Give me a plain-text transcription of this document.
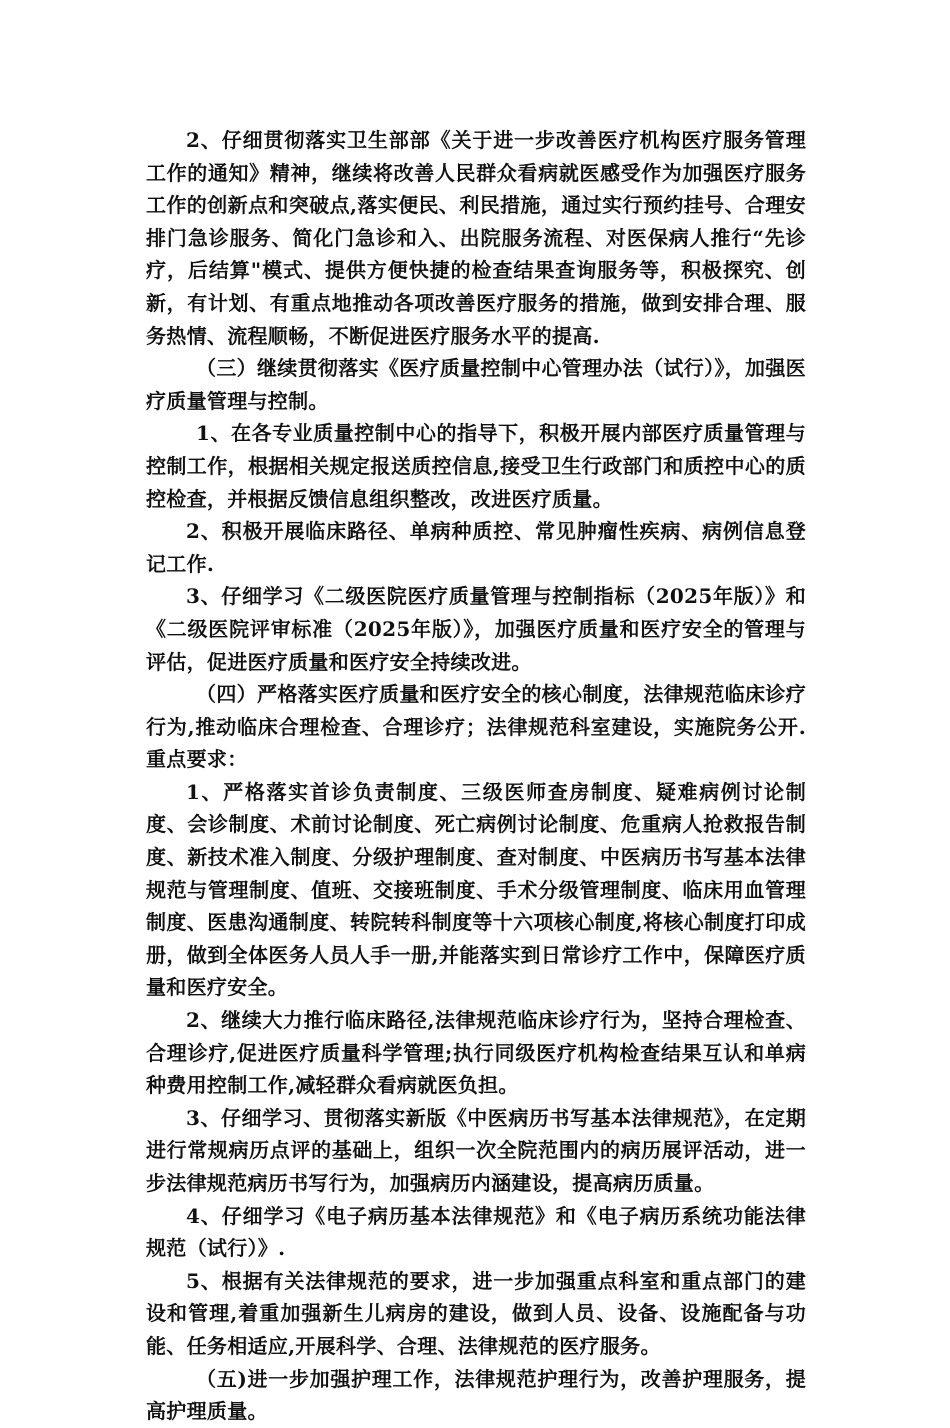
2、仔细贯彻落实卫生部部《关于进一步改善医疗机构医疗服务管理工作的通知》精神，继续将改善人民群众看病就医感受作为加强医疗服务工作的创新点和突破点,落实便民、利民措施，通过实行预约挂号、合理安排门急诊服务、简化门急诊和入、出院服务流程、对医保病人推行“先诊疗，后结算"模式、提供方便快捷的检查结果查询服务等，积极探究、创新，有计划、有重点地推动各项改善医疗服务的措施，做到安排合理、服务热情、流程顺畅，不断促进医疗服务水平的提高.

（三）继续贯彻落实《医疗质量控制中心管理办法（试行）》，加强医疗质量管理与控制。

1、在各专业质量控制中心的指导下，积极开展内部医疗质量管理与控制工作，根据相关规定报送质控信息,接受卫生行政部门和质控中心的质控检查，并根据反馈信息组织整改，改进医疗质量。

2、积极开展临床路径、单病种质控、常见肿瘤性疾病、病例信息登记工作.

3、仔细学习《二级医院医疗质量管理与控制指标（2025年版）》和《二级医院评审标准（2025年版）》，加强医疗质量和医疗安全的管理与评估，促进医疗质量和医疗安全持续改进。

（四）严格落实医疗质量和医疗安全的核心制度，法律规范临床诊疗行为,推动临床合理检查、合理诊疗；法律规范科室建设，实施院务公开.重点要求：

1、严格落实首诊负责制度、三级医师查房制度、疑难病例讨论制度、会诊制度、术前讨论制度、死亡病例讨论制度、危重病人抢救报告制度、新技术准入制度、分级护理制度、查对制度、中医病历书写基本法律规范与管理制度、值班、交接班制度、手术分级管理制度、临床用血管理制度、医患沟通制度、转院转科制度等十六项核心制度,将核心制度打印成册，做到全体医务人员人手一册,并能落实到日常诊疗工作中，保障医疗质量和医疗安全。

2、继续大力推行临床路径,法律规范临床诊疗行为，坚持合理检查、合理诊疗,促进医疗质量科学管理;执行同级医疗机构检查结果互认和单病种费用控制工作,减轻群众看病就医负担。

3、仔细学习、贯彻落实新版《中医病历书写基本法律规范》，在定期进行常规病历点评的基础上，组织一次全院范围内的病历展评活动，进一步法律规范病历书写行为，加强病历内涵建设，提高病历质量。

4、仔细学习《电子病历基本法律规范》和《电子病历系统功能法律规范（试行）》.

5、根据有关法律规范的要求，进一步加强重点科室和重点部门的建设和管理,着重加强新生儿病房的建设，做到人员、设备、设施配备与功能、任务相适应,开展科学、合理、法律规范的医疗服务。

（五)进一步加强护理工作，法律规范护理行为，改善护理服务，提高护理质量。
